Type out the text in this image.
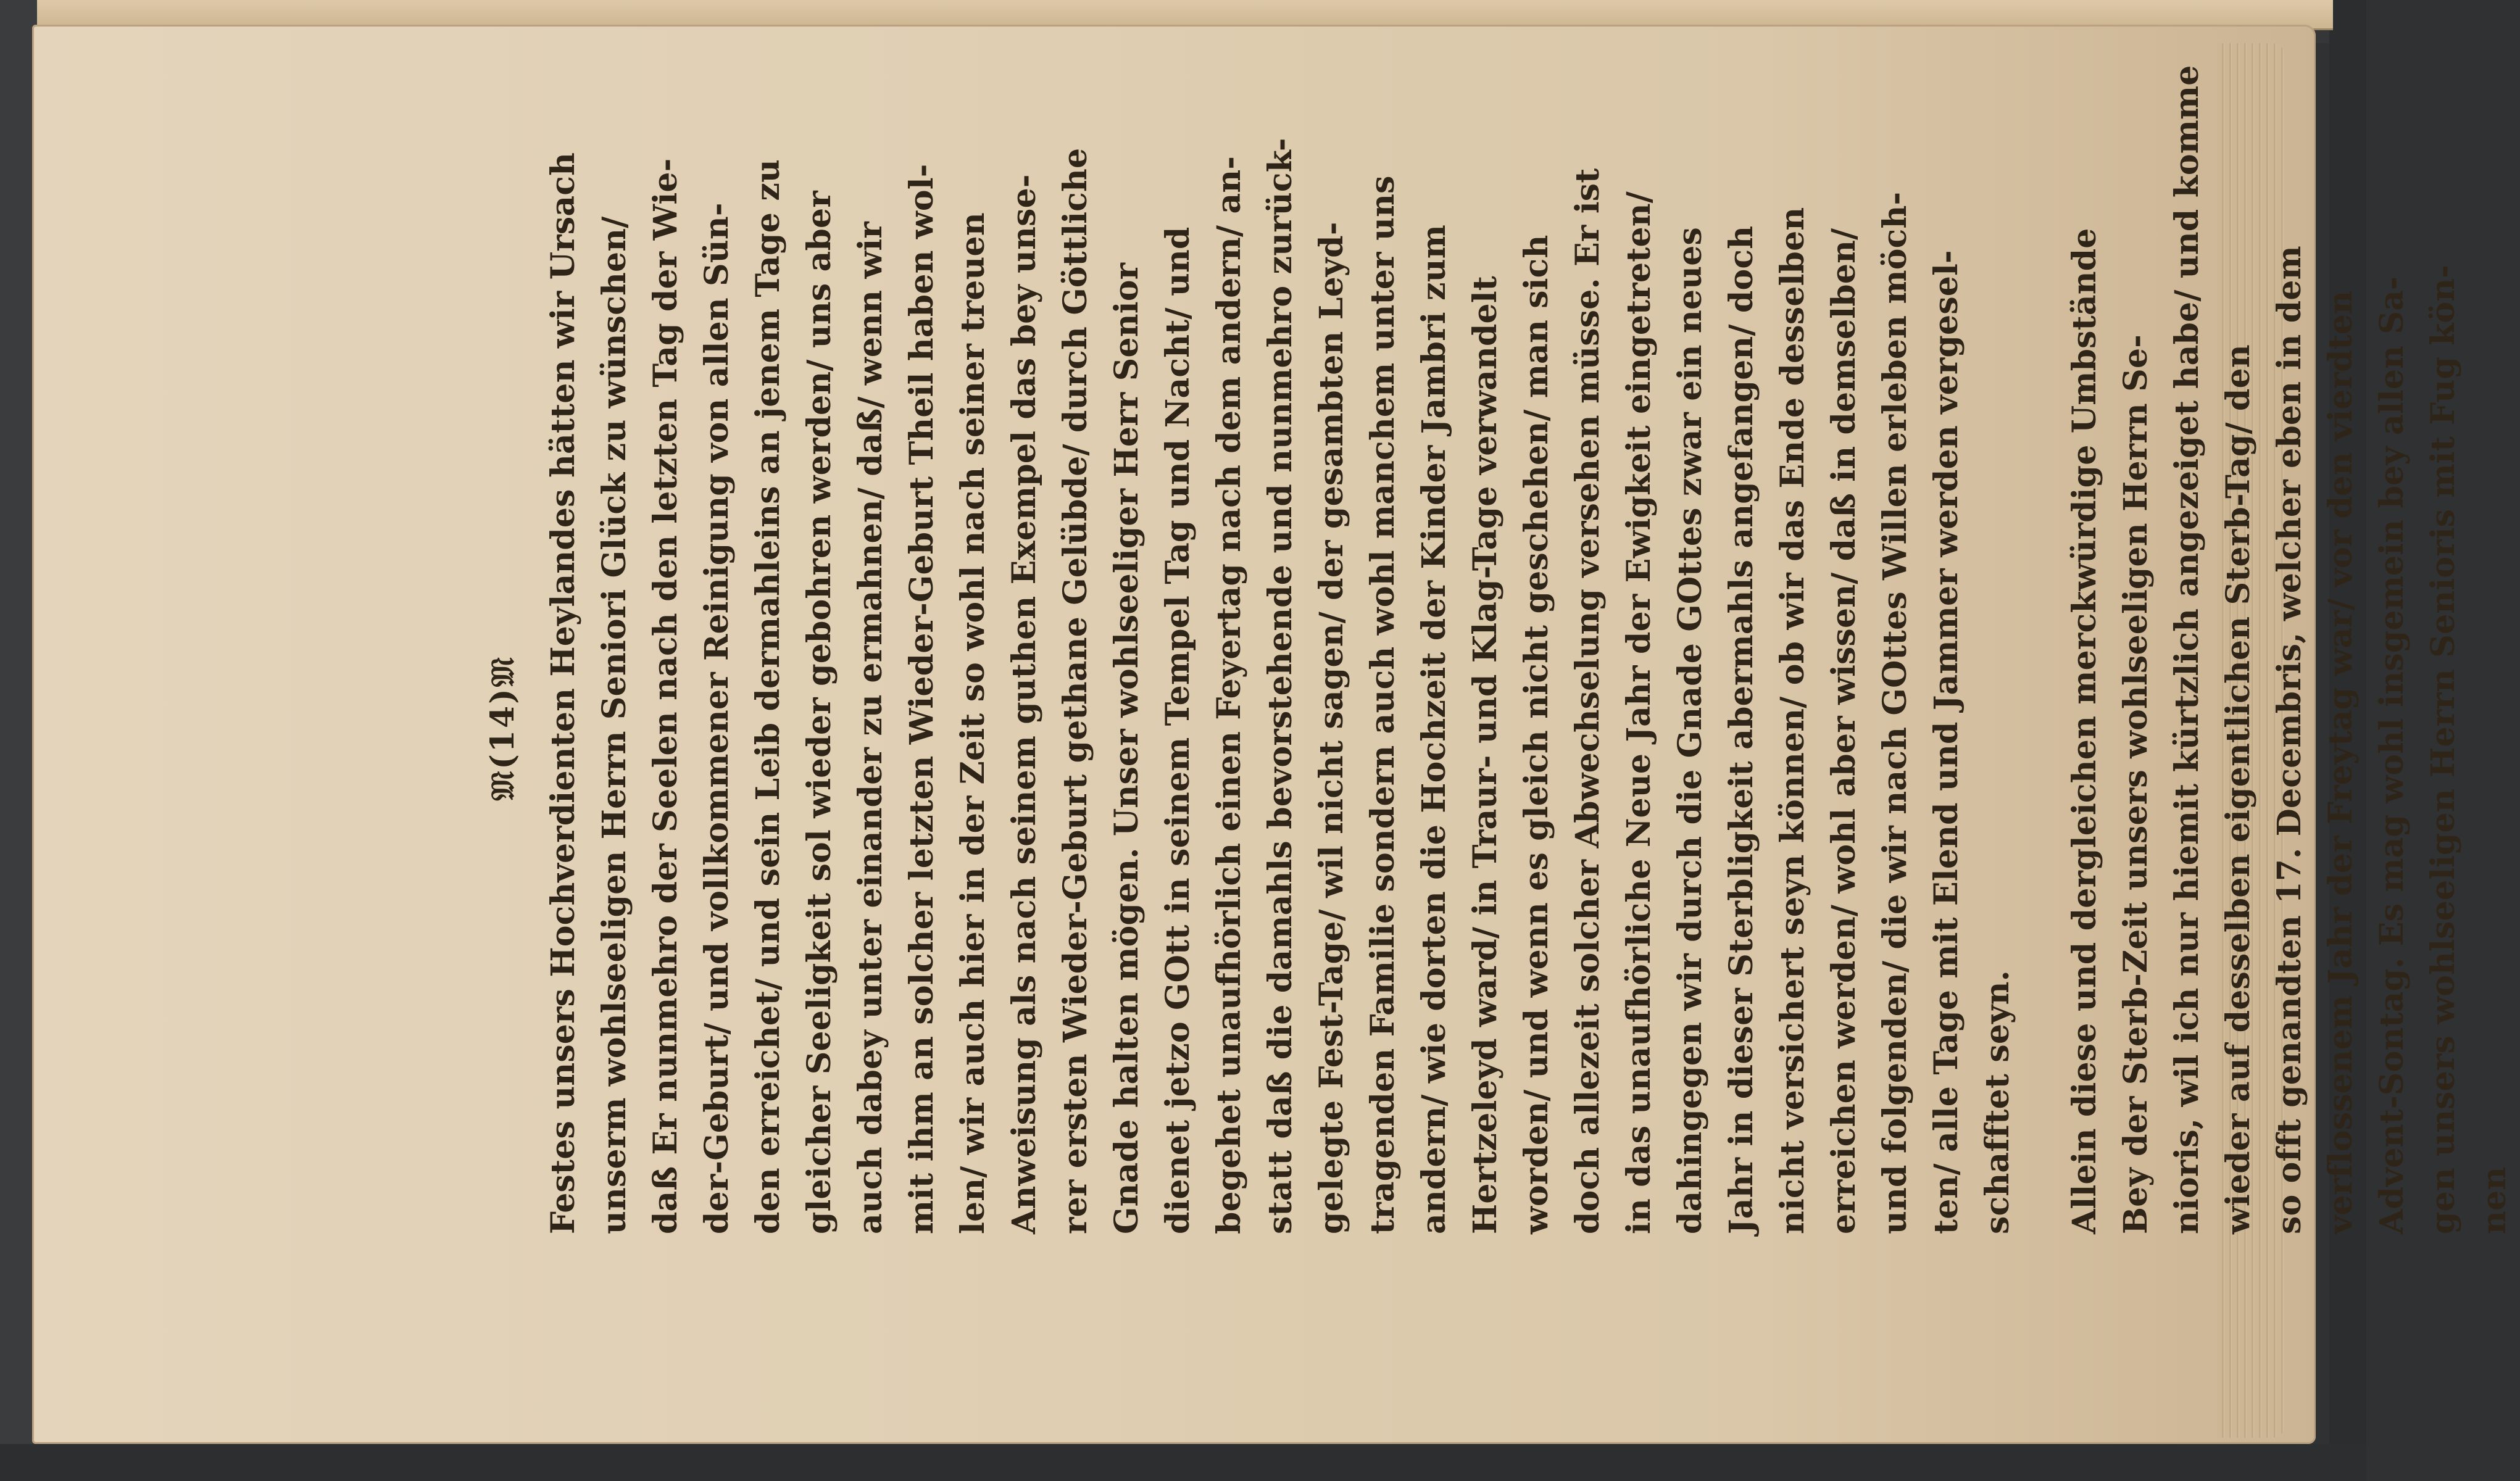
𝔐(14)𝔐 Festes unsers Hochverdienten Heylandes hätten wir Ursach unserm wohlseeligen Herrn Seniori Glück zu wünschen/ daß Er nunmehro der Seelen nach den letzten Tag der Wie- der-Geburt/ und vollkommener Reinigung von allen Sün- den erreichet/ und sein Leib dermahleins an jenem Tage zu gleicher Seeligkeit sol wieder gebohren werden/ uns aber auch dabey unter einander zu ermahnen/ daß/ wenn wir mit ihm an solcher letzten Wieder-Geburt Theil haben wol- len/ wir auch hier in der Zeit so wohl nach seiner treuen Anweisung als nach seinem guthen Exempel das bey unse- rer ersten Wieder-Geburt gethane Gelübde/ durch Göttliche Gnade halten mögen. Unser wohlseeliger Herr Senior dienet jetzo GOtt in seinem Tempel Tag und Nacht/ und begehet unaufhörlich einen Feyertag nach dem andern/ an- statt daß die damahls bevorstehende und nunmehro zurück- gelegte Fest-Tage/ wil nicht sagen/ der gesambten Leyd- tragenden Familie sondern auch wohl manchem unter uns andern/ wie dorten die Hochzeit der Kinder Jambri zum Hertzeleyd ward/ in Traur- und Klag-Tage verwandelt worden/ und wenn es gleich nicht geschehen/ man sich doch allezeit solcher Abwechselung versehen müsse. Er ist in das unaufhörliche Neue Jahr der Ewigkeit eingetreten/ dahingegen wir durch die Gnade GOttes zwar ein neues Jahr in dieser Sterbligkeit abermahls angefangen/ doch nicht versichert seyn können/ ob wir das Ende desselben erreichen werden/ wohl aber wissen/ daß in demselben/ und folgenden/ die wir nach GOttes Willen erleben möch- ten/ alle Tage mit Elend und Jammer werden vergesel- schafftet seyn. Allein diese und dergleichen merckwürdige Umbstände Bey der Sterb-Zeit unsers wohlseeligen Herrn Se- nioris, wil ich nur hiemit kürtzlich angezeiget habe/ und komme wieder auf desselben eigentlichen Sterb-Tag/ den so offt genandten 17. Decembris, welcher eben in dem verflossenem Jahr der Freytag war/ vor den vierdten Advent-Sontag. Es mag wohl insgemein bey allen Sa- gen unsers wohlseeligen Herrn Senioris mit Fug kön- nen
